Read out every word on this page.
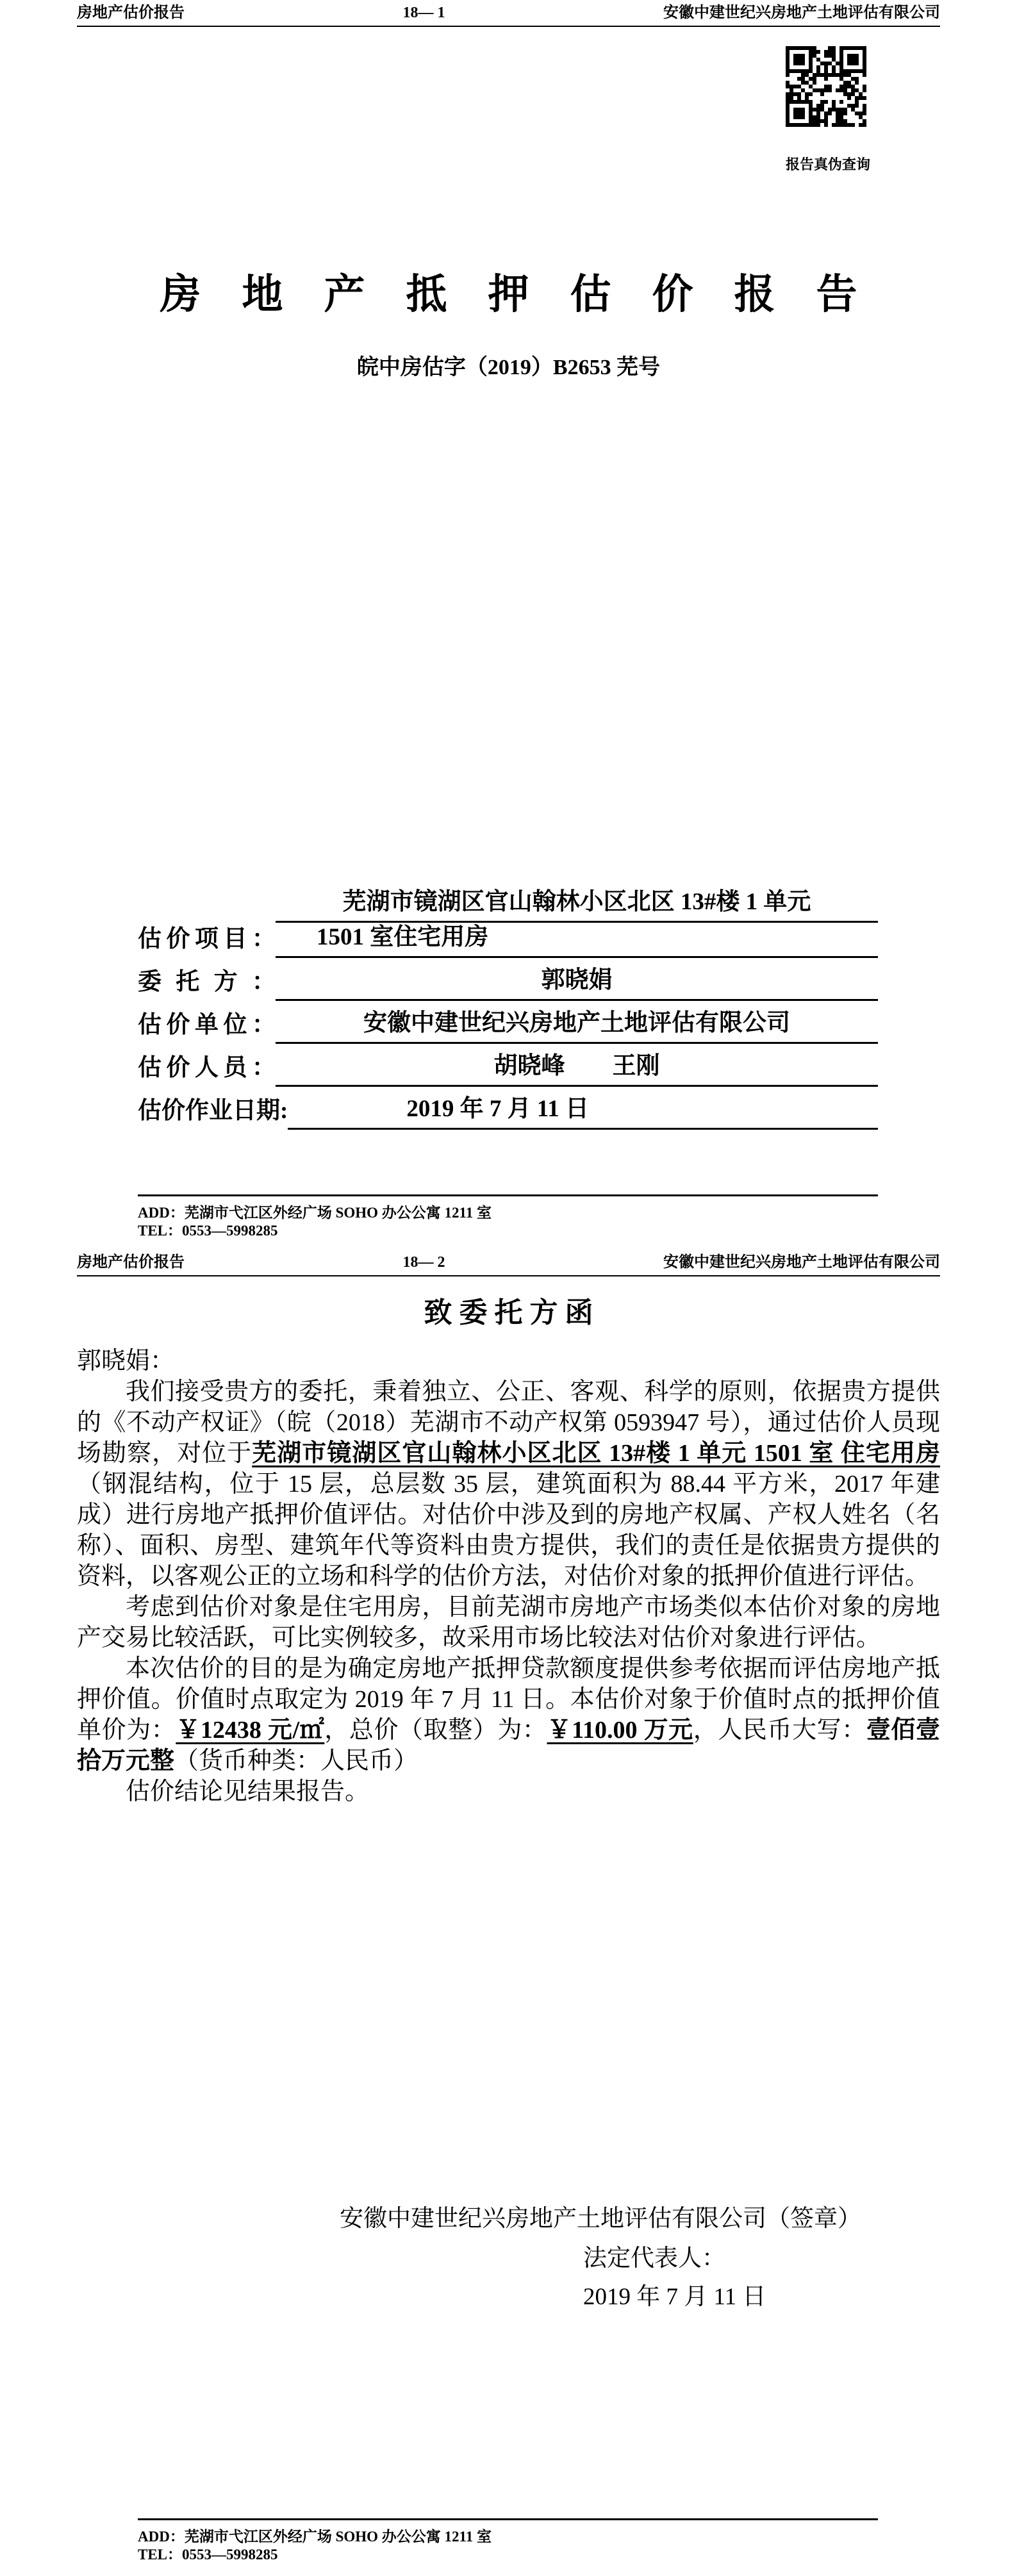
房地产估价报告	18— 1	安徽中建世纪兴房地产土地评估有限公司
报告真伪查询
房　地　产　抵　押　估　价　报　告
皖中房估字（2019）B2653 芜号
估价项目：
芜湖市镜湖区官山翰林小区北区 13#楼 1 单元
1501 室住宅用房
委托方：	郭晓娟
估价单位：	安徽中建世纪兴房地产土地评估有限公司
估价人员：	胡晓峰　　王刚
估价作业日期:	2019 年 7 月 11 日
ADD：芜湖市弋江区外经广场 SOHO 办公公寓 1211 室
TEL：0553—5998285
房地产估价报告	18— 2	安徽中建世纪兴房地产土地评估有限公司
致 委 托 方 函
郭晓娟：

我们接受贵方的委托，秉着独立、公正、客观、科学的原则，依据贵方提供的《不动产权证》（皖（2018）芜湖市不动产权第 0593947 号），通过估价人员现场勘察，对位于芜湖市镜湖区官山翰林小区北区 13#楼 1 单元 1501 室 住宅用房（钢混结构，位于 15 层，总层数 35 层，建筑面积为 88.44 平方米，2017 年建成）进行房地产抵押价值评估。对估价中涉及到的房地产权属、产权人姓名（名称）、面积、房型、建筑年代等资料由贵方提供，我们的责任是依据贵方提供的资料，以客观公正的立场和科学的估价方法，对估价对象的抵押价值进行评估。

考虑到估价对象是住宅用房，目前芜湖市房地产市场类似本估价对象的房地产交易比较活跃，可比实例较多，故采用市场比较法对估价对象进行评估。

本次估价的目的是为确定房地产抵押贷款额度提供参考依据而评估房地产抵押价值。价值时点取定为 2019 年 7 月 11 日。本估价对象于价值时点的抵押价值单价为：￥12438 元/㎡，总价（取整）为：￥110.00 万元，人民币大写：壹佰壹拾万元整（货币种类：人民币）

估价结论见结果报告。

安徽中建世纪兴房地产土地评估有限公司（签章）
法定代表人：
2019 年 7 月 11 日
ADD：芜湖市弋江区外经广场 SOHO 办公公寓 1211 室
TEL：0553—5998285
